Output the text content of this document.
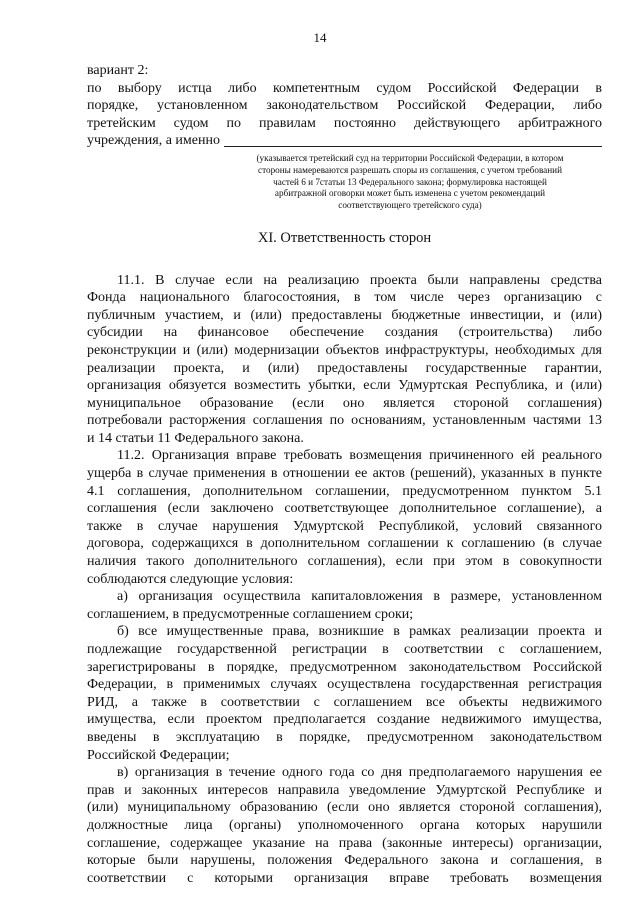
14

вариант 2:

по выбору истца либо компетентным судом Российской Федерации в

порядке, установленном законодательством Российской Федерации, либо

третейским судом по правилам постоянно действующего арбитражного

учреждения, а именно
(указывается третейский суд на территории Российской Федерации, в котором
стороны намереваются разрешать споры из соглашения, с учетом требований
частей 6 и 7статьи 13 Федерального закона; формулировка настоящей
арбитражной оговорки может быть изменена с учетом рекомендаций
соответствующего третейского суда)
XI. Ответственность сторон

11.1. В случае если на реализацию проекта были направлены средства

Фонда национального благосостояния, в том числе через организацию с

публичным участием, и (или) предоставлены бюджетные инвестиции, и (или)

субсидии на финансовое обеспечение создания (строительства) либо

реконструкции и (или) модернизации объектов инфраструктуры, необходимых для

реализации проекта, и (или) предоставлены государственные гарантии,

организация обязуется возместить убытки, если Удмуртская Республика, и (или)

муниципальное образование (если оно является стороной соглашения)

потребовали расторжения соглашения по основаниям, установленным частями 13

и 14 статьи 11 Федерального закона.

11.2. Организация вправе требовать возмещения причиненного ей реального

ущерба в случае применения в отношении ее актов (решений), указанных в пункте

4.1 соглашения, дополнительном соглашении, предусмотренном пунктом 5.1

соглашения (если заключено соответствующее дополнительное соглашение), а

также в случае нарушения Удмуртской Республикой, условий связанного

договора, содержащихся в дополнительном соглашении к соглашению (в случае

наличия такого дополнительного соглашения), если при этом в совокупности

соблюдаются следующие условия:

а) организация осуществила капиталовложения в размере, установленном

соглашением, в предусмотренные соглашением сроки;

б) все имущественные права, возникшие в рамках реализации проекта и

подлежащие государственной регистрации в соответствии с соглашением,

зарегистрированы в порядке, предусмотренном законодательством Российской

Федерации, в применимых случаях осуществлена государственная регистрация

РИД, а также в соответствии с соглашением все объекты недвижимого

имущества, если проектом предполагается создание недвижимого имущества,

введены в эксплуатацию в порядке, предусмотренном законодательством

Российской Федерации;

в) организация в течение одного года со дня предполагаемого нарушения ее

прав и законных интересов направила уведомление Удмуртской Республике и

(или) муниципальному образованию (если оно является стороной соглашения),

должностные лица (органы) уполномоченного органа которых нарушили

соглашение, содержащее указание на права (законные интересы) организации,

которые были нарушены, положения Федерального закона и соглашения, в

соответствии с которыми организация вправе требовать возмещения
